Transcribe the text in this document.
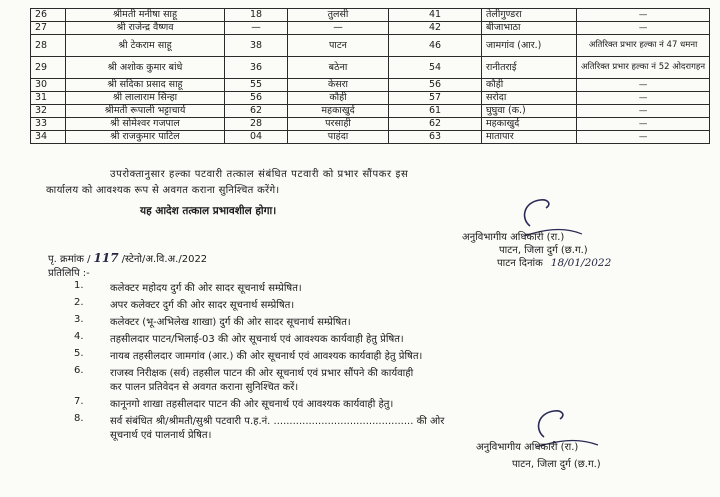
26	श्रीमती मनीषा साहू	18	तुलसी	41	तेलीगुण्डरा	—
27	श्री राजेन्द्र वैष्णव	—	—	42	बीजाभाठा	—
28	श्री टेकराम साहू	38	पाटन	46	जामगांव (आर.)	अतिरिक्त प्रभार हल्का नं 47 धमना
29	श्री अशोक कुमार बांधे	36	बठेना	54	रानीतराई	अतिरिक्त प्रभार हल्का नं 52 ओदरागहन
30	श्री सदिका प्रसाद साहू	55	केसरा	56	कौही	—
31	श्री लालाराम सिन्हा	56	कौही	57	सरोदा	—
32	श्रीमती रूपाली भट्टाचार्य	62	महकाखुर्द	61	घुघुवा (क.)	—
33	श्री सोमेश्वर गजपाल	28	परसाही	62	महकाखुर्द	—
34	श्री राजकुमार पाटिल	04	पाहंदा	63	मातापार	—
उपरोक्तानुसार हल्का पटवारी तत्काल संबंधित पटवारी को प्रभार सौंपकर इस
कार्यालय को आवश्यक रूप से अवगत कराना सुनिश्चित करेंगे।
यह आदेश तत्काल प्रभावशील होगा।
अनुविभागीय अधिकारी (रा.)
पाटन, जिला दुर्ग (छ.ग.)
पृ. क्रमांक / 117 /स्टेनो/अ.वि.अ./2022	पाटन दिनांक 18/01/2022
प्रतिलिपि :-
1.	कलेक्टर महोदय दुर्ग की ओर सादर सूचनार्थ सम्प्रेषित।
2.	अपर कलेक्टर दुर्ग की ओर सादर सूचनार्थ सम्प्रेषित।
3.	कलेक्टर (भू-अभिलेख शाखा) दुर्ग की ओर सादर सूचनार्थ सम्प्रेषित।
4.	तहसीलदार पाटन/भिलाई-03 की ओर सूचनार्थ एवं आवश्यक कार्यवाही हेतु प्रेषित।
5.	नायब तहसीलदार जामगांव (आर.) की ओर सूचनार्थ एवं आवश्यक कार्यवाही हेतु प्रेषित।
6.	राजस्व निरीक्षक (सर्व) तहसील पाटन की ओर सूचनार्थ एवं प्रभार सौंपने की कार्यवाही
कर पालन प्रतिवेदन से अवगत कराना सुनिश्चित करें।
7.	कानूनगो शाखा तहसीलदार पाटन की ओर सूचनार्थ एवं आवश्यक कार्यवाही हेतु।
8.	सर्व संबंधित श्री/श्रीमती/सुश्री पटवारी प.ह.नं. ............................................ की ओर
सूचनार्थ एवं पालनार्थ प्रेषित।
अनुविभागीय अधिकारी (रा.)
पाटन, जिला दुर्ग (छ.ग.)
